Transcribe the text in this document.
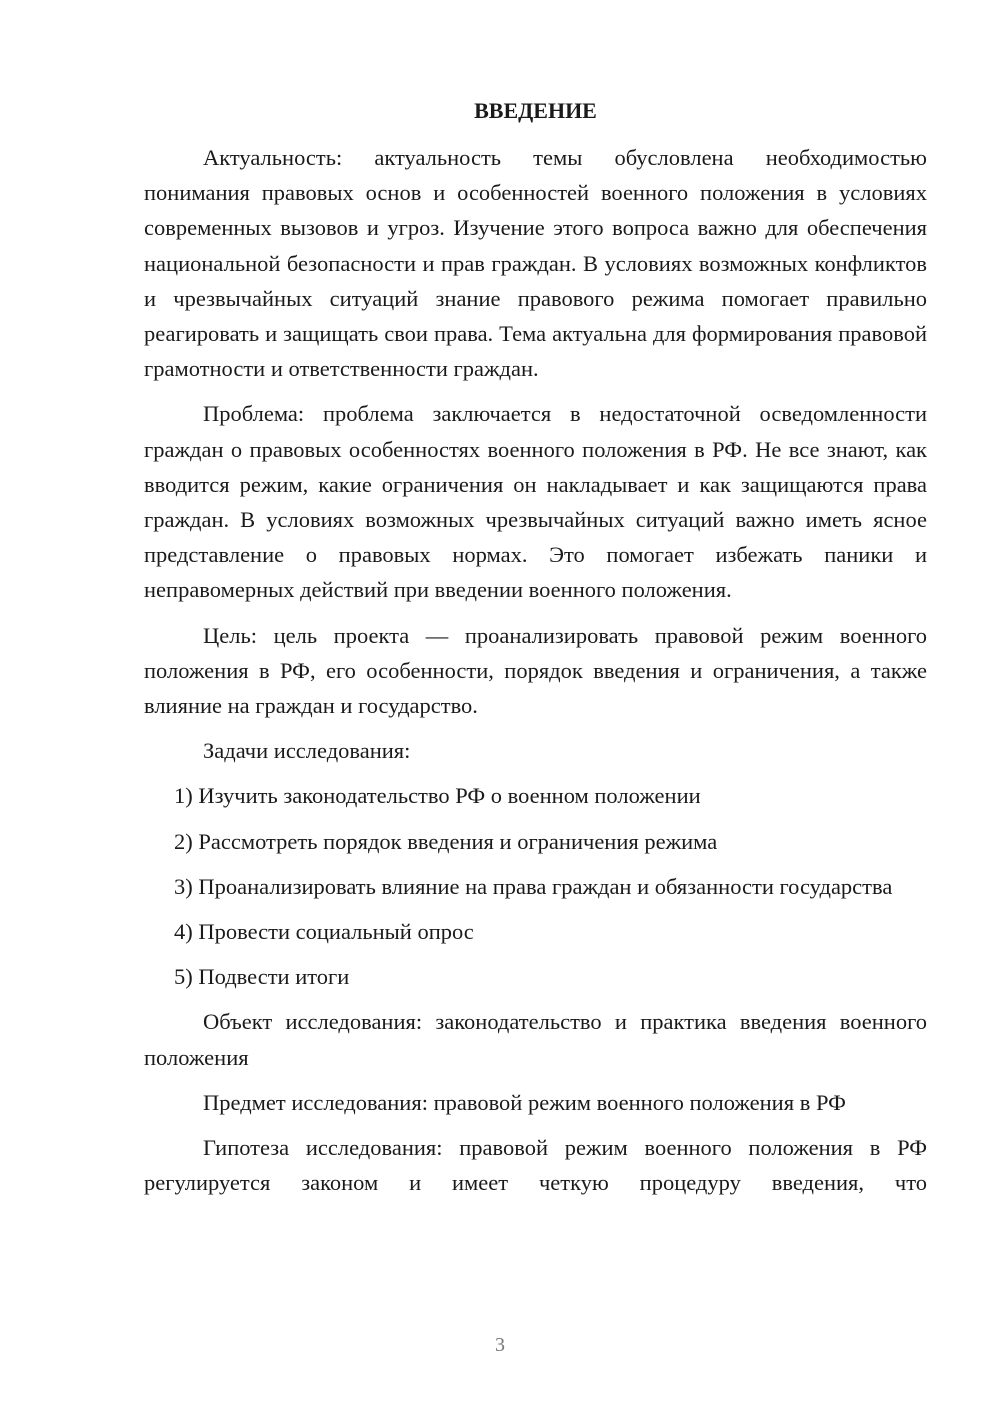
ВВЕДЕНИЕ

Актуальность: актуальность темы обусловлена необходимостью понимания правовых основ и особенностей военного положения в условиях современных вызовов и угроз. Изучение этого вопроса важно для обеспечения национальной безопасности и прав граждан. В условиях возможных конфликтов и чрезвычайных ситуаций знание правового режима помогает правильно реагировать и защищать свои права. Тема актуальна для формирования правовой грамотности и ответственности граждан.

Проблема: проблема заключается в недостаточной осведомленности граждан о правовых особенностях военного положения в РФ. Не все знают, как вводится режим, какие ограничения он накладывает и как защищаются права граждан. В условиях возможных чрезвычайных ситуаций важно иметь ясное представление о правовых нормах. Это помогает избежать паники и неправомерных действий при введении военного положения.

Цель: цель проекта — проанализировать правовой режим военного положения в РФ, его особенности, порядок введения и ограничения, а также влияние на граждан и государство.

Задачи исследования:

1) Изучить законодательство РФ о военном положении

2) Рассмотреть порядок введения и ограничения режима

3) Проанализировать влияние на права граждан и обязанности государства

4) Провести социальный опрос

5) Подвести итоги

Объект исследования: законодательство и практика введения военного положения

Предмет исследования: правовой режим военного положения в РФ

Гипотеза исследования: правовой режим военного положения в РФ регулируется законом и имеет четкую процедуру введения, что

3
